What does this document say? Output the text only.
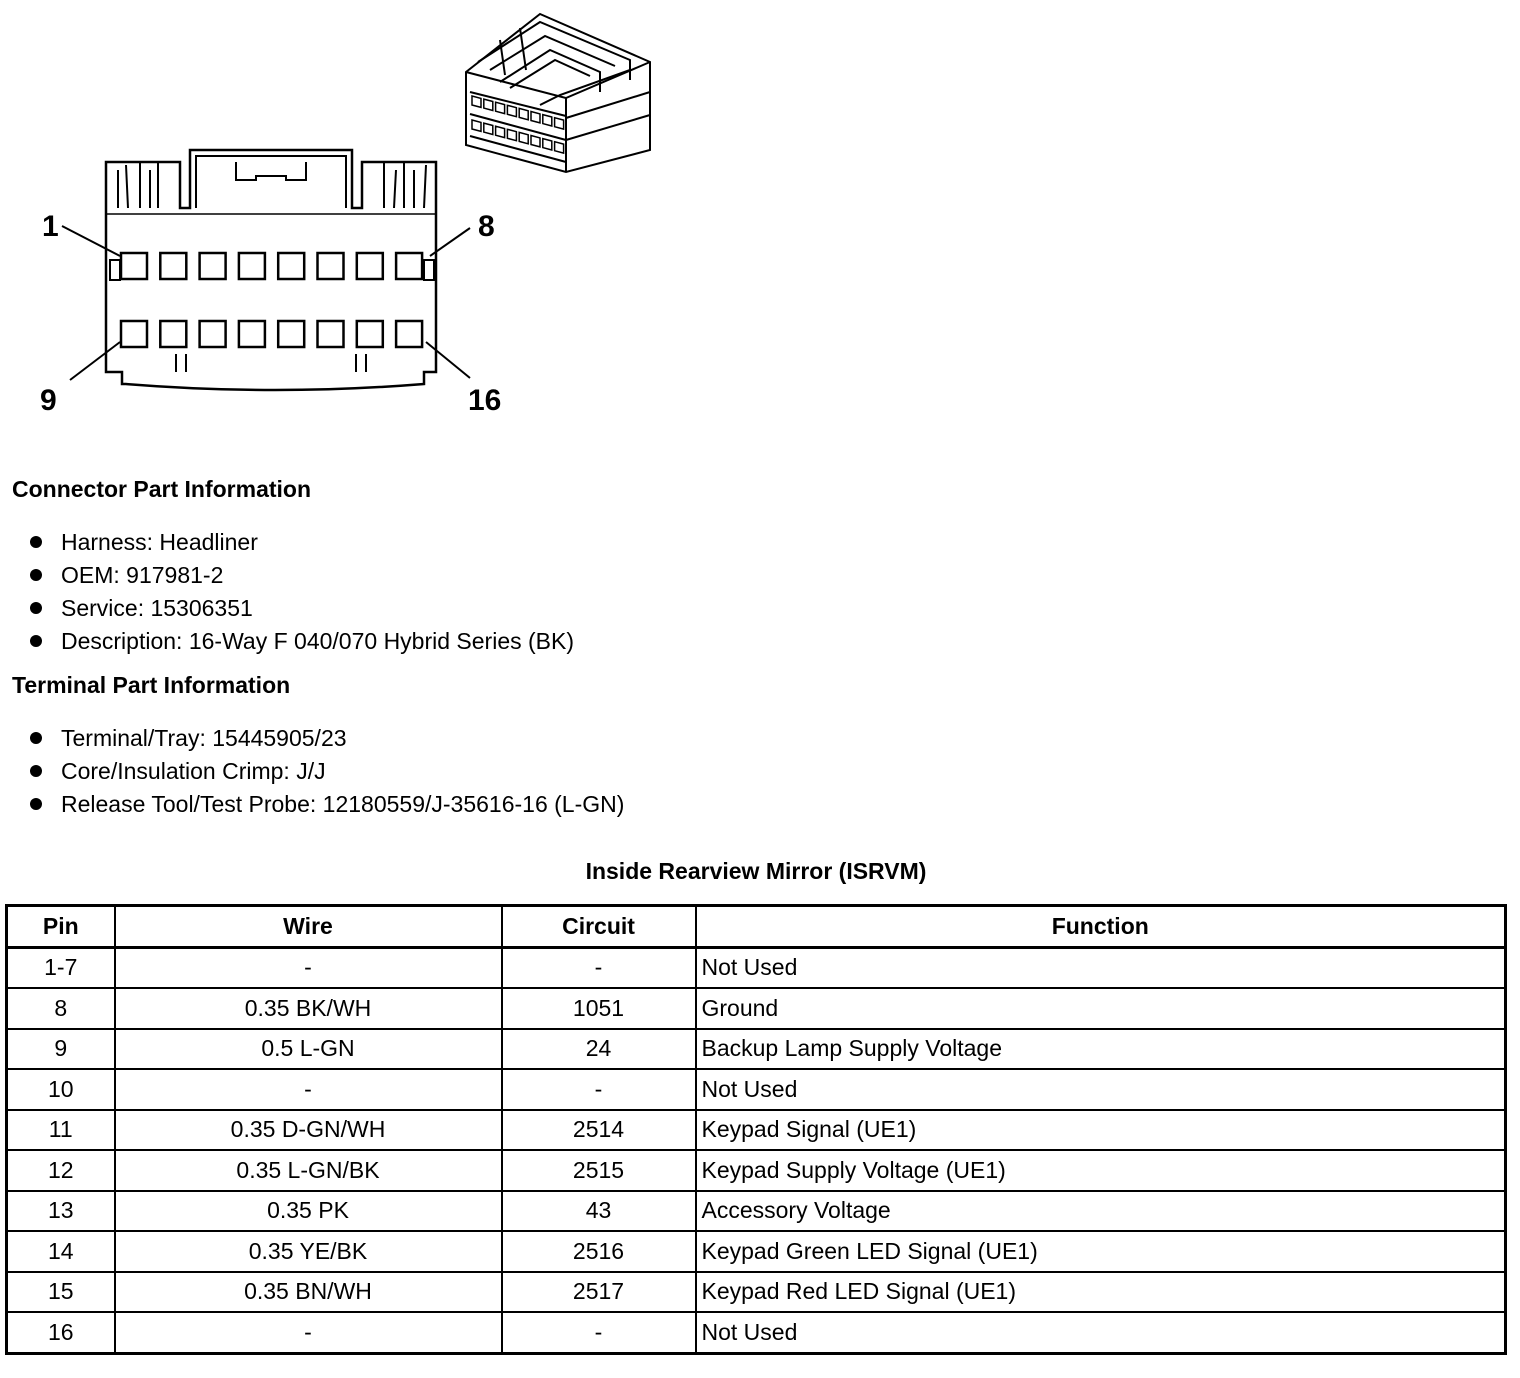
1	8
9	16
Connector Part Information
Harness: Headliner
OEM: 917981-2
Service: 15306351
Description: 16-Way F 040/070 Hybrid Series (BK)
Terminal Part Information
Terminal/Tray: 15445905/23
Core/Insulation Crimp: J/J
Release Tool/Test Probe: 12180559/J-35616-16 (L-GN)
Inside Rearview Mirror (ISRVM)
Pin	Wire	Circuit	Function
1-7	-	-	Not Used
8	0.35 BK/WH	1051	Ground
9	0.5 L-GN	24	Backup Lamp Supply Voltage
10	-	-	Not Used
11	0.35 D-GN/WH	2514	Keypad Signal (UE1)
12	0.35 L-GN/BK	2515	Keypad Supply Voltage (UE1)
13	0.35 PK	43	Accessory Voltage
14	0.35 YE/BK	2516	Keypad Green LED Signal (UE1)
15	0.35 BN/WH	2517	Keypad Red LED Signal (UE1)
16	-	-	Not Used
